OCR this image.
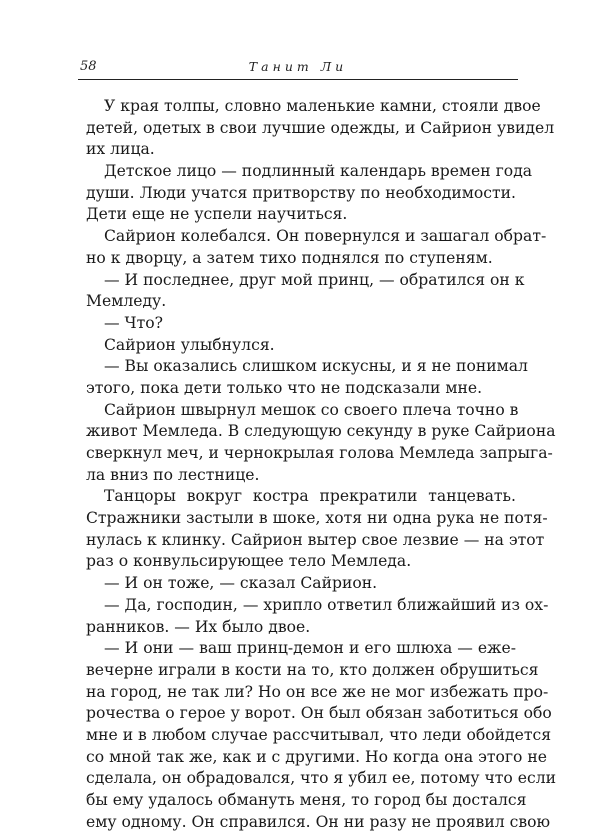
58	Танит Ли
У края толпы, словно маленькие камни, стояли двое
детей, одетых в свои лучшие одежды, и Сайрион увидел
их лица.
Детское лицо — подлинный календарь времен года
души. Люди учатся притворству по необходимости.
Дети еще не успели научиться.
Сайрион колебался. Он повернулся и зашагал обрат-
но к дворцу, а затем тихо поднялся по ступеням.
— И последнее, друг мой принц, — обратился он к
Мемледу.
— Что?
Сайрион улыбнулся.
— Вы оказались слишком искусны, и я не понимал
этого, пока дети только что не подсказали мне.
Сайрион швырнул мешок со своего плеча точно в
живот Мемледа. В следующую секунду в руке Сайриона
сверкнул меч, и чернокрылая голова Мемледа запрыга-
ла вниз по лестнице.
Танцоры вокруг костра прекратили танцевать.
Стражники застыли в шоке, хотя ни одна рука не потя-
нулась к клинку. Сайрион вытер свое лезвие — на этот
раз о конвульсирующее тело Мемледа.
— И он тоже, — сказал Сайрион.
— Да, господин, — хрипло ответил ближайший из ох-
ранников. — Их было двое.
— И они — ваш принц-демон и его шлюха — еже-
вечерне играли в кости на то, кто должен обрушиться
на город, не так ли? Но он все же не мог избежать про-
рочества о герое у ворот. Он был обязан заботиться обо
мне и в любом случае рассчитывал, что леди обойдется
со мной так же, как и с другими. Но когда она этого не
сделала, он обрадовался, что я убил ее, потому что если
бы ему удалось обмануть меня, то город бы достался
ему одному. Он справился. Он ни разу не проявил свою
